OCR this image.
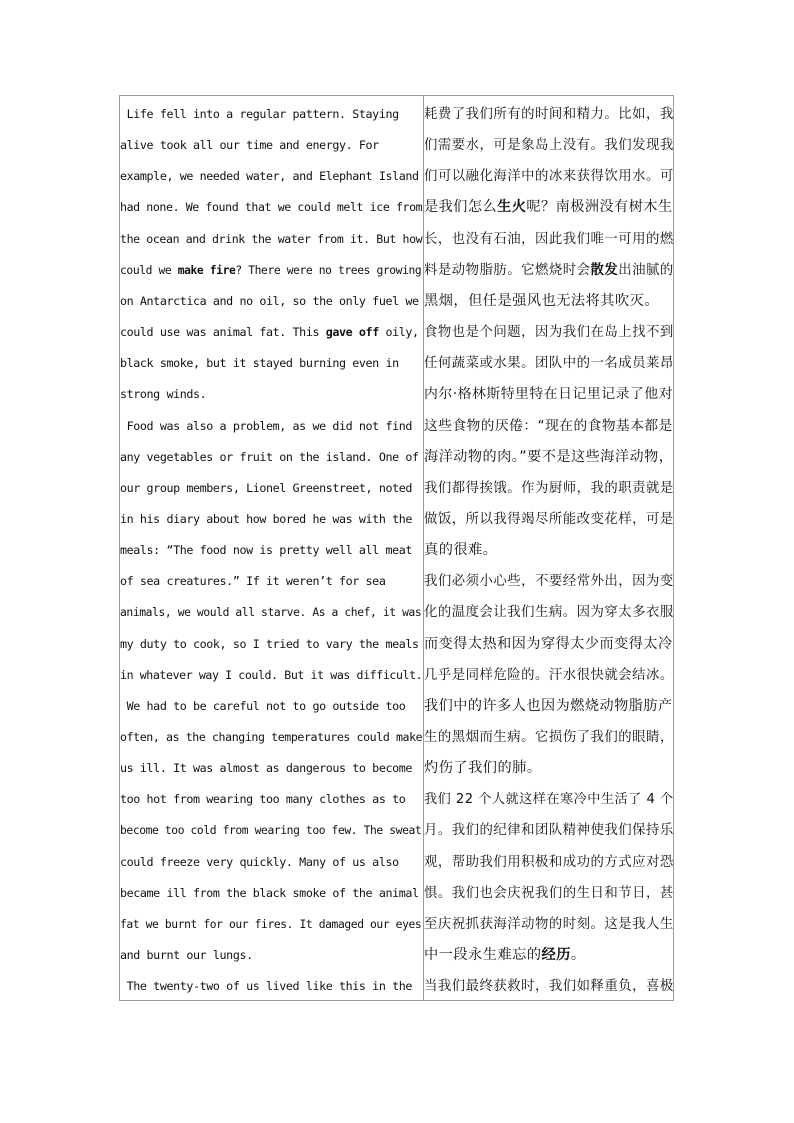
Life fell into a regular pattern. Staying
alive took all our time and energy. For
example, we needed water, and Elephant Island
had none. We found that we could melt ice from
the ocean and drink the water from it. But how
could we make fire? There were no trees growing
on Antarctica and no oil, so the only fuel we
could use was animal fat. This gave off oily,
black smoke, but it stayed burning even in
strong winds.
Food was also a problem, as we did not find
any vegetables or fruit on the island. One of
our group members, Lionel Greenstreet, noted
in his diary about how bored he was with the
meals: “The food now is pretty well all meat
of sea creatures.” If it weren’t for sea
animals, we would all starve. As a chef, it was
my duty to cook, so I tried to vary the meals
in whatever way I could. But it was difficult.
We had to be careful not to go outside too
often, as the changing temperatures could make
us ill. It was almost as dangerous to become
too hot from wearing too many clothes as to
become too cold from wearing too few. The sweat
could freeze very quickly. Many of us also
became ill from the black smoke of the animal
fat we burnt for our fires. It damaged our eyes
and burnt our lungs.
The twenty-two of us lived like this in the
耗费了我们所有的时间和精力。比如，我
们需要水，可是象岛上没有。我们发现我
们可以融化海洋中的冰来获得饮用水。可
是我们怎么生火呢？南极洲没有树木生
长，也没有石油，因此我们唯一可用的燃
料是动物脂肪。它燃烧时会散发出油腻的
黑烟，但任是强风也无法将其吹灭。
食物也是个问题，因为我们在岛上找不到
任何蔬菜或水果。团队中的一名成员莱昂
内尔·格林斯特里特在日记里记录了他对
这些食物的厌倦：“现在的食物基本都是
海洋动物的肉。”要不是这些海洋动物，
我们都得挨饿。作为厨师，我的职责就是
做饭，所以我得竭尽所能改变花样，可是
真的很难。
我们必须小心些，不要经常外出，因为变
化的温度会让我们生病。因为穿太多衣服
而变得太热和因为穿得太少而变得太冷
几乎是同样危险的。汗水很快就会结冰。
我们中的许多人也因为燃烧动物脂肪产
生的黑烟而生病。它损伤了我们的眼睛，
灼伤了我们的肺。
我们 22 个人就这样在寒冷中生活了 4 个
月。我们的纪律和团队精神使我们保持乐
观，帮助我们用积极和成功的方式应对恐
惧。我们也会庆祝我们的生日和节日，甚
至庆祝抓获海洋动物的时刻。这是我人生
中一段永生难忘的经历。
当我们最终获救时，我们如释重负，喜极
